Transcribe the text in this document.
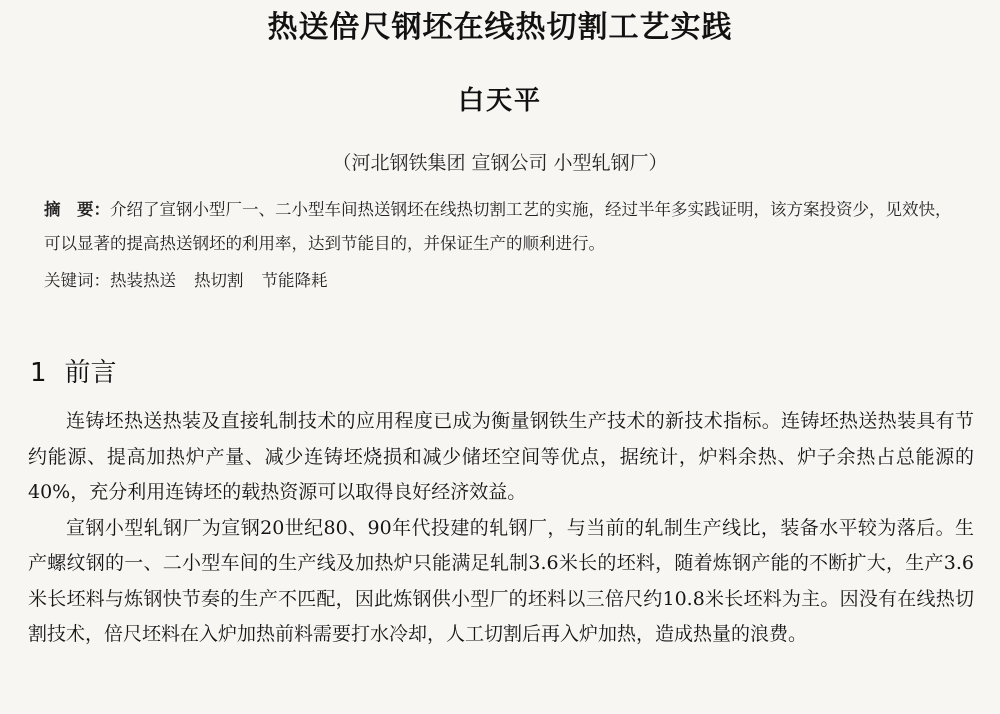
热送倍尺钢坯在线热切割工艺实践
白天平
（河北钢铁集团 宣钢公司 小型轧钢厂）
摘　要：介绍了宣钢小型厂一、二小型车间热送钢坯在线热切割工艺的实施，经过半年多实践证明，该方案投资少，见效快，可以显著的提高热送钢坯的利用率，达到节能目的，并保证生产的顺利进行。
关键词：热装热送 热切割 节能降耗
1 前言

连铸坯热送热装及直接轧制技术的应用程度已成为衡量钢铁生产技术的新技术指标。连铸坯热送热装具有节约能源、提高加热炉产量、减少连铸坯烧损和减少储坯空间等优点，据统计，炉料余热、炉子余热占总能源的40%，充分利用连铸坯的载热资源可以取得良好经济效益。

宣钢小型轧钢厂为宣钢20世纪80、90年代投建的轧钢厂，与当前的轧制生产线比，装备水平较为落后。生产螺纹钢的一、二小型车间的生产线及加热炉只能满足轧制3.6米长的坯料，随着炼钢产能的不断扩大，生产3.6米长坯料与炼钢快节奏的生产不匹配，因此炼钢供小型厂的坯料以三倍尺约10.8米长坯料为主。因没有在线热切割技术，倍尺坯料在入炉加热前料需要打水冷却，人工切割后再入炉加热，造成热量的浪费。
